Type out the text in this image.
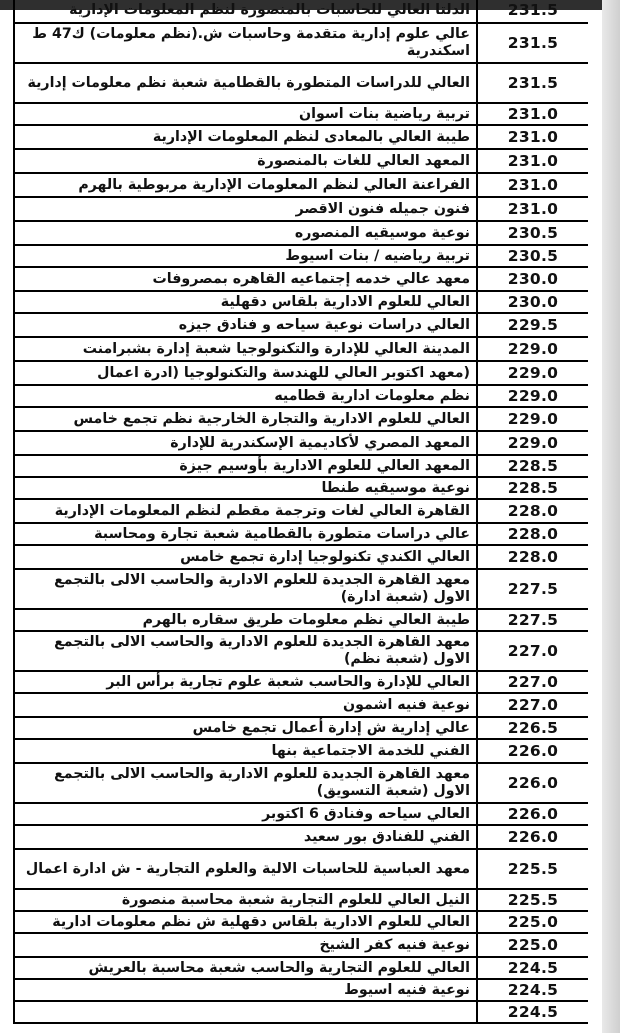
الدلتا العالي للحاسبات بالمنصورة لنظم المعلومات الإدارية	231.5
عالي علوم إدارية متقدمة وحاسبات ش.(نظم معلومات) ك47 ط اسكندرية	231.5
العالي للدراسات المتطورة بالقطامية شعبة نظم معلومات إدارية	231.5
تربية رياضية بنات اسوان	231.0
طيبة العالي بالمعادى لنظم المعلومات الإدارية	231.0
المعهد العالي للغات بالمنصورة	231.0
الفراعنة العالي لنظم المعلومات الإدارية مربوطية بالهرم	231.0
فنون جميله فنون الاقصر	231.0
نوعية موسيقيه المنصوره	230.5
تربية رياضيه / بنات اسيوط	230.5
معهد عالي خدمه إجتماعيه القاهره بمصروفات	230.0
العالي للعلوم الادارية بلقاس دقهلية	230.0
العالي دراسات نوعية سياحه و فنادق جيزه	229.5
المدينة العالي للإدارة والتكنولوجيا شعبة إدارة بشبرامنت	229.0
(معهد اكتوبر العالي للهندسة والتكنولوجيا (ادرة اعمال	229.0
نظم معلومات ادارية قطاميه	229.0
العالي للعلوم الادارية والتجارة الخارجية نظم تجمع خامس	229.0
المعهد المصري لأكاديمية الإسكندرية للإدارة	229.0
المعهد العالي للعلوم الادارية بأوسيم جيزة	228.5
نوعية موسيقيه طنطا	228.5
القاهرة العالي لغات وترجمة مقطم لنظم المعلومات الإدارية	228.0
عالي دراسات متطورة بالقطامية شعبة تجارة ومحاسبة	228.0
العالي الكندي تكنولوجيا إدارة تجمع خامس	228.0
معهد القاهرة الجديدة للعلوم الادارية والحاسب الالى بالتجمع الاول (شعبة ادارة)	227.5
طيبة العالي نظم معلومات طريق سقاره بالهرم	227.5
معهد القاهرة الجديدة للعلوم الادارية والحاسب الالى بالتجمع الاول (شعبة نظم)	227.0
العالي للإدارة والحاسب شعبة علوم تجارية برأس البر	227.0
نوعية فنيه اشمون	227.0
عالي إدارية ش إدارة أعمال تجمع خامس	226.5
الفني للخدمة الاجتماعية بنها	226.0
معهد القاهرة الجديدة للعلوم الادارية والحاسب الالى بالتجمع الاول (شعبة التسويق)	226.0
العالي سياحه وفنادق 6 اكتوبر	226.0
الفني للفنادق بور سعيد	226.0
معهد العباسية للحاسبات الالية والعلوم التجارية - ش ادارة اعمال	225.5
النيل العالي للعلوم التجارية شعبة محاسبة منصورة	225.5
العالي للعلوم الادارية بلقاس دقهلية ش نظم معلومات ادارية	225.0
نوعية فنيه كفر الشيخ	225.0
العالي للعلوم التجارية والحاسب شعبة محاسبة بالعريش	224.5
نوعية فنيه اسيوط	224.5
	224.5
